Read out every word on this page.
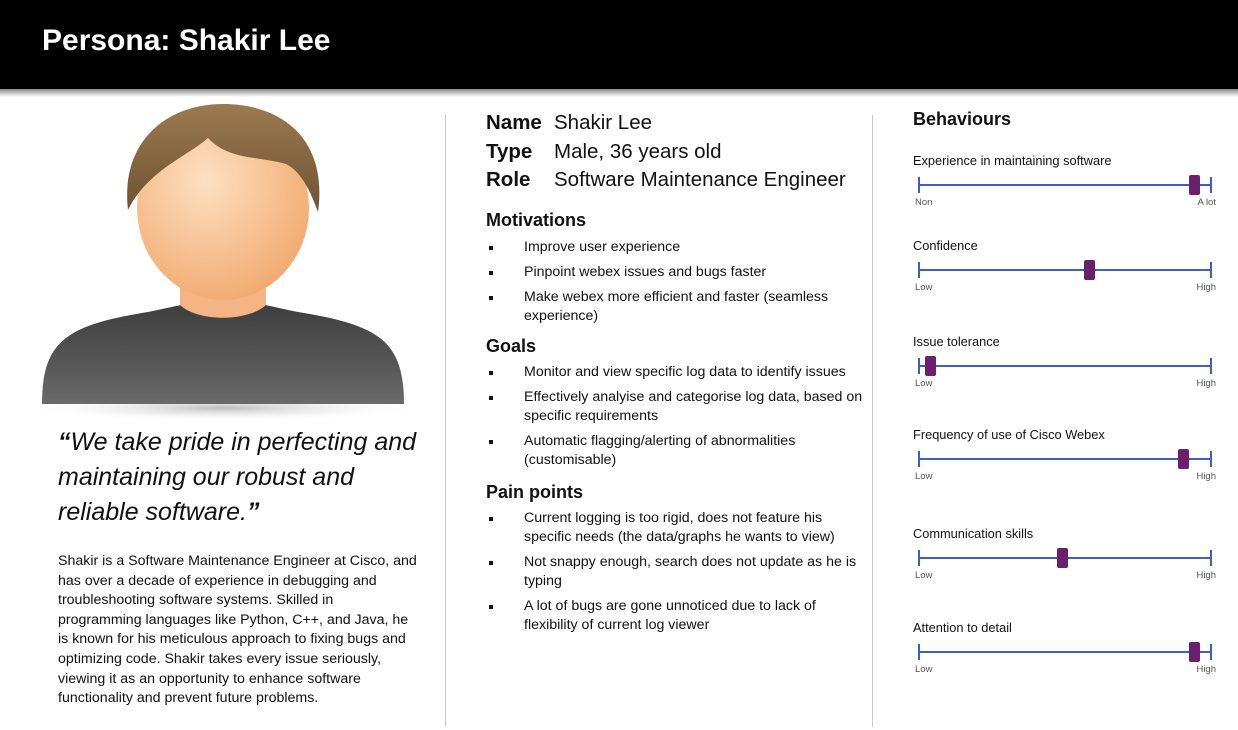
Persona: Shakir Lee
“We take pride in perfecting and maintaining our robust and reliable software.”
Shakir is a Software Maintenance Engineer at Cisco, and has over a decade of experience in debugging and troubleshooting software systems. Skilled in programming languages like Python, C++, and Java, he is known for his meticulous approach to fixing bugs and optimizing code. Shakir takes every issue seriously, viewing it as an opportunity to enhance software functionality and prevent future problems.
Name Shakir Lee
Type	Male, 36 years old
Role	Software Maintenance Engineer
Motivations
Improve user experience
Pinpoint webex issues and bugs faster
Make webex more efficient and faster (seamless experience)
Goals
Monitor and view specific log data to identify issues
Effectively analyise and categorise log data, based on specific requirements
Automatic flagging/alerting of abnormalities (customisable)
Pain points
Current logging is too rigid, does not feature his specific needs (the data/graphs he wants to view)
Not snappy enough, search does not update as he is typing
A lot of bugs are gone unnoticed due to lack of flexibility of current log viewer
Behaviours
Experience in maintaining software
Non	A lot
Confidence
Low	High
Issue tolerance
Low	High
Frequency of use of Cisco Webex
Low	High
Communication skills
Low	High
Attention to detail
Low	High
